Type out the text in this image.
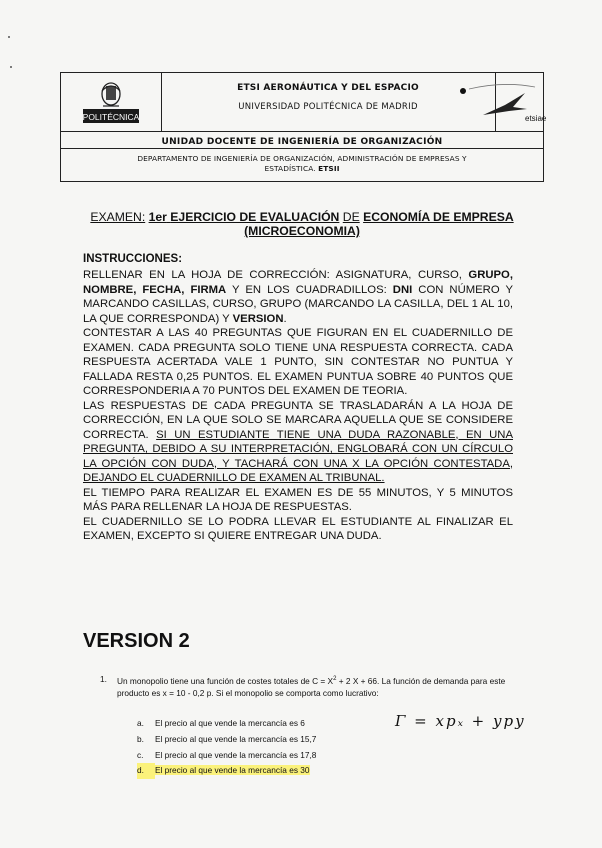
POLITÉCNICA
ETSI AERONÁUTICA Y DEL ESPACIO
UNIVERSIDAD POLITÉCNICA DE MADRID
etsiae
UNIDAD DOCENTE DE INGENIERÍA DE ORGANIZACIÓN
DEPARTAMENTO DE INGENIERÍA DE ORGANIZACIÓN, ADMINISTRACIÓN DE EMPRESAS Y
ESTADÍSTICA. ETSII
EXAMEN: 1er EJERCICIO DE EVALUACIÓN DE ECONOMÍA DE EMPRESA
(MICROECONOMIA)
INSTRUCCIONES:

RELLENAR EN LA HOJA DE CORRECCIÓN: ASIGNATURA, CURSO, GRUPO, NOMBRE, FECHA, FIRMA Y EN LOS CUADRADILLOS: DNI CON NÚMERO Y MARCANDO CASILLAS, CURSO, GRUPO (MARCANDO LA CASILLA, DEL 1 AL 10, LA QUE CORRESPONDA) Y VERSION.

CONTESTAR A LAS 40 PREGUNTAS QUE FIGURAN EN EL CUADERNILLO DE EXAMEN. CADA PREGUNTA SOLO TIENE UNA RESPUESTA CORRECTA. CADA RESPUESTA ACERTADA VALE 1 PUNTO, SIN CONTESTAR NO PUNTUA Y FALLADA RESTA 0,25 PUNTOS. EL EXAMEN PUNTUA SOBRE 40 PUNTOS QUE CORRESPONDERIA A 70 PUNTOS DEL EXAMEN DE TEORIA.

LAS RESPUESTAS DE CADA PREGUNTA SE TRASLADARÁN A LA HOJA DE CORRECCIÓN, EN LA QUE SOLO SE MARCARA AQUELLA QUE SE CONSIDERE CORRECTA. SI UN ESTUDIANTE TIENE UNA DUDA RAZONABLE, EN UNA PREGUNTA, DEBIDO A SU INTERPRETACIÓN, ENGLOBARÁ CON UN CÍRCULO LA OPCIÓN CON DUDA, Y TACHARÁ CON UNA X LA OPCIÓN CONTESTADA, DEJANDO EL CUADERNILLO DE EXAMEN AL TRIBUNAL.

EL TIEMPO PARA REALIZAR EL EXAMEN ES DE 55 MINUTOS, Y 5 MINUTOS MÁS PARA RELLENAR LA HOJA DE RESPUESTAS.

EL CUADERNILLO SE LO PODRA LLEVAR EL ESTUDIANTE AL FINALIZAR EL EXAMEN, EXCEPTO SI QUIERE ENTREGAR UNA DUDA.

VERSION 2
1. Un monopolio tiene una función de costes totales de $C = X^2 + 2$ X + 66. La función de demanda para este producto es x = 10 - 0,2 p. Si el monopolio se comporta como lucrativo:
a. El precio al que vende la mercancía es 6
b. El precio al que vende la mercancía es 15,7
c. El precio al que vende la mercancía es 17,8
d. El precio al que vende la mercancía es 30
Γ = xpₓ + ypy
